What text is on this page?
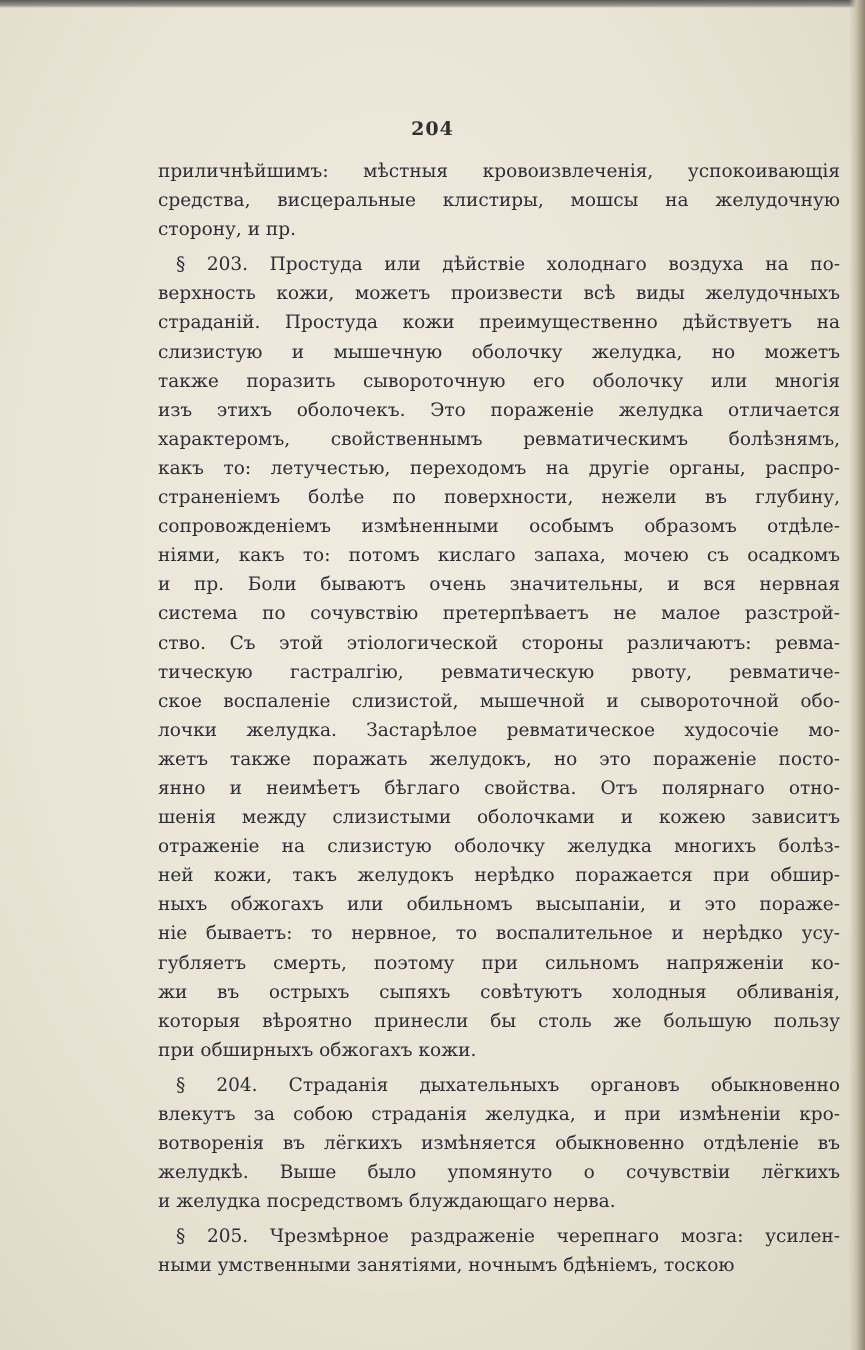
204
приличнѣйшимъ: мѣстныя кровоизвлеченія, успокоивающія
средства, висцеральные клистиры, мошсы на желудочную
сторону, и пр.
§ 203. Простуда или дѣйствіе холоднаго воздуха на по-
верхность кожи, можетъ произвести всѣ виды желудочныхъ
страданій. Простуда кожи преимущественно дѣйствуетъ на
слизистую и мышечную оболочку желудка, но можетъ
также поразить сывороточную его оболочку или многія
изъ этихъ оболочекъ. Это пораженіе желудка отличается
характеромъ, свойственнымъ ревматическимъ болѣзнямъ,
какъ то: летучестью, переходомъ на другіе органы, распро-
страненіемъ болѣе по поверхности, нежели въ глубину,
сопровожденіемъ измѣненными особымъ образомъ отдѣле-
ніями, какъ то: потомъ кислаго запаха, мочею съ осадкомъ
и пр. Боли бываютъ очень значительны, и вся нервная
система по сочувствію претерпѣваетъ не малое разстрой-
ство. Съ этой этіологической стороны различаютъ: ревма-
тическую гастралгію, ревматическую рвоту, ревматиче-
ское воспаленіе слизистой, мышечной и сывороточной обо-
лочки желудка. Застарѣлое ревматическое худосочіе мо-
жетъ также поражать желудокъ, но это пораженіе посто-
янно и неимѣетъ бѣглаго свойства. Отъ полярнаго отно-
шенія между слизистыми оболочками и кожею зависитъ
отраженіе на слизистую оболочку желудка многихъ болѣз-
ней кожи, такъ желудокъ нерѣдко поражается при обшир-
ныхъ обжогахъ или обильномъ высыпаніи, и это пораже-
ніе бываетъ: то нервное, то воспалительное и нерѣдко усу-
губляетъ смерть, поэтому при сильномъ напряженіи ко-
жи въ острыхъ сыпяхъ совѣтуютъ холодныя обливанія,
которыя вѣроятно принесли бы столь же большую пользу
при обширныхъ обжогахъ кожи.
§ 204. Страданія дыхательныхъ органовъ обыкновенно
влекутъ за собою страданія желудка, и при измѣненіи кро-
вотворенія въ лёгкихъ измѣняется обыкновенно отдѣленіе въ
желудкѣ. Выше было упомянуто о сочувствіи лёгкихъ
и желудка посредствомъ блуждающаго нерва.
§ 205. Чрезмѣрное раздраженіе черепнаго мозга: усилен-
ными умственными занятіями, ночнымъ бдѣніемъ, тоскою
